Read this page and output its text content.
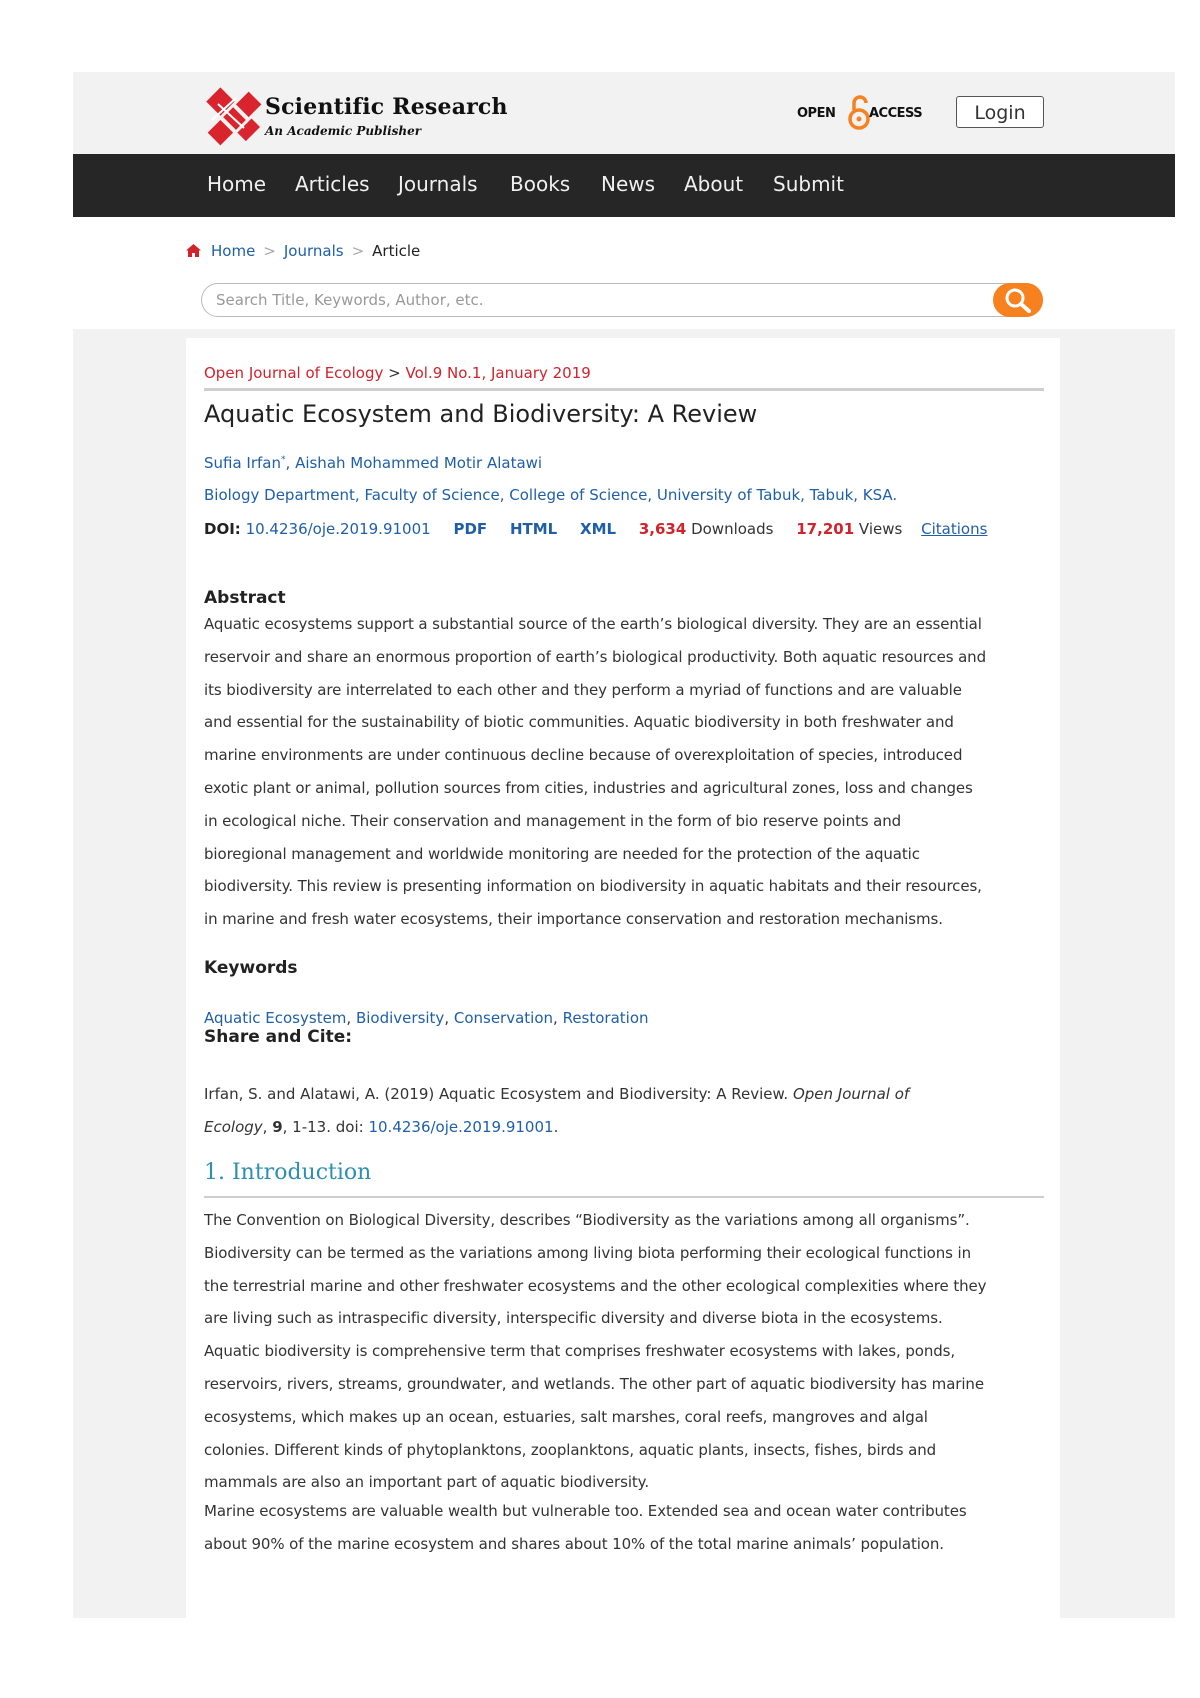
Scientific Research
An Academic Publisher
OPEN	ACCESS	Login
Home Articles Journals Books News About Submit
Home > Journals > Article
Search Title, Keywords, Author, etc.
Open Journal of Ecology > Vol.9 No.1, January 2019
Aquatic Ecosystem and Biodiversity: A Review
Sufia Irfan*, Aishah Mohammed Motir Alatawi
Biology Department, Faculty of Science, College of Science, University of Tabuk, Tabuk, KSA.
DOI: 10.4236/oje.2019.91001 PDF HTML XML 3,634 Downloads 17,201 Views Citations
Abstract
Aquatic ecosystems support a substantial source of the earth’s biological diversity. They are an essential reservoir and share an enormous proportion of earth’s biological productivity. Both aquatic resources and its biodiversity are interrelated to each other and they perform a myriad of functions and are valuable and essential for the sustainability of biotic communities. Aquatic biodiversity in both freshwater and marine environments are under continuous decline because of overexploitation of species, introduced exotic plant or animal, pollution sources from cities, industries and agricultural zones, loss and changes in ecological niche. Their conservation and management in the form of bio reserve points and bioregional management and worldwide monitoring are needed for the protection of the aquatic biodiversity. This review is presenting information on biodiversity in aquatic habitats and their resources, in marine and fresh water ecosystems, their importance conservation and restoration mechanisms.
Keywords
Aquatic Ecosystem, Biodiversity, Conservation, Restoration
Share and Cite:
Irfan, S. and Alatawi, A. (2019) Aquatic Ecosystem and Biodiversity: A Review. Open Journal of Ecology, 9, 1-13. doi: 10.4236/oje.2019.91001.
1. Introduction
The Convention on Biological Diversity, describes “Biodiversity as the variations among all organisms”. Biodiversity can be termed as the variations among living biota performing their ecological functions in the terrestrial marine and other freshwater ecosystems and the other ecological complexities where they are living such as intraspecific diversity, interspecific diversity and diverse biota in the ecosystems. Aquatic biodiversity is comprehensive term that comprises freshwater ecosystems with lakes, ponds, reservoirs, rivers, streams, groundwater, and wetlands. The other part of aquatic biodiversity has marine ecosystems, which makes up an ocean, estuaries, salt marshes, coral reefs, mangroves and algal colonies. Different kinds of phytoplanktons, zooplanktons, aquatic plants, insects, fishes, birds and mammals are also an important part of aquatic biodiversity.
Marine ecosystems are valuable wealth but vulnerable too. Extended sea and ocean water contributes about 90% of the marine ecosystem and shares about 10% of the total marine animals’ population.
